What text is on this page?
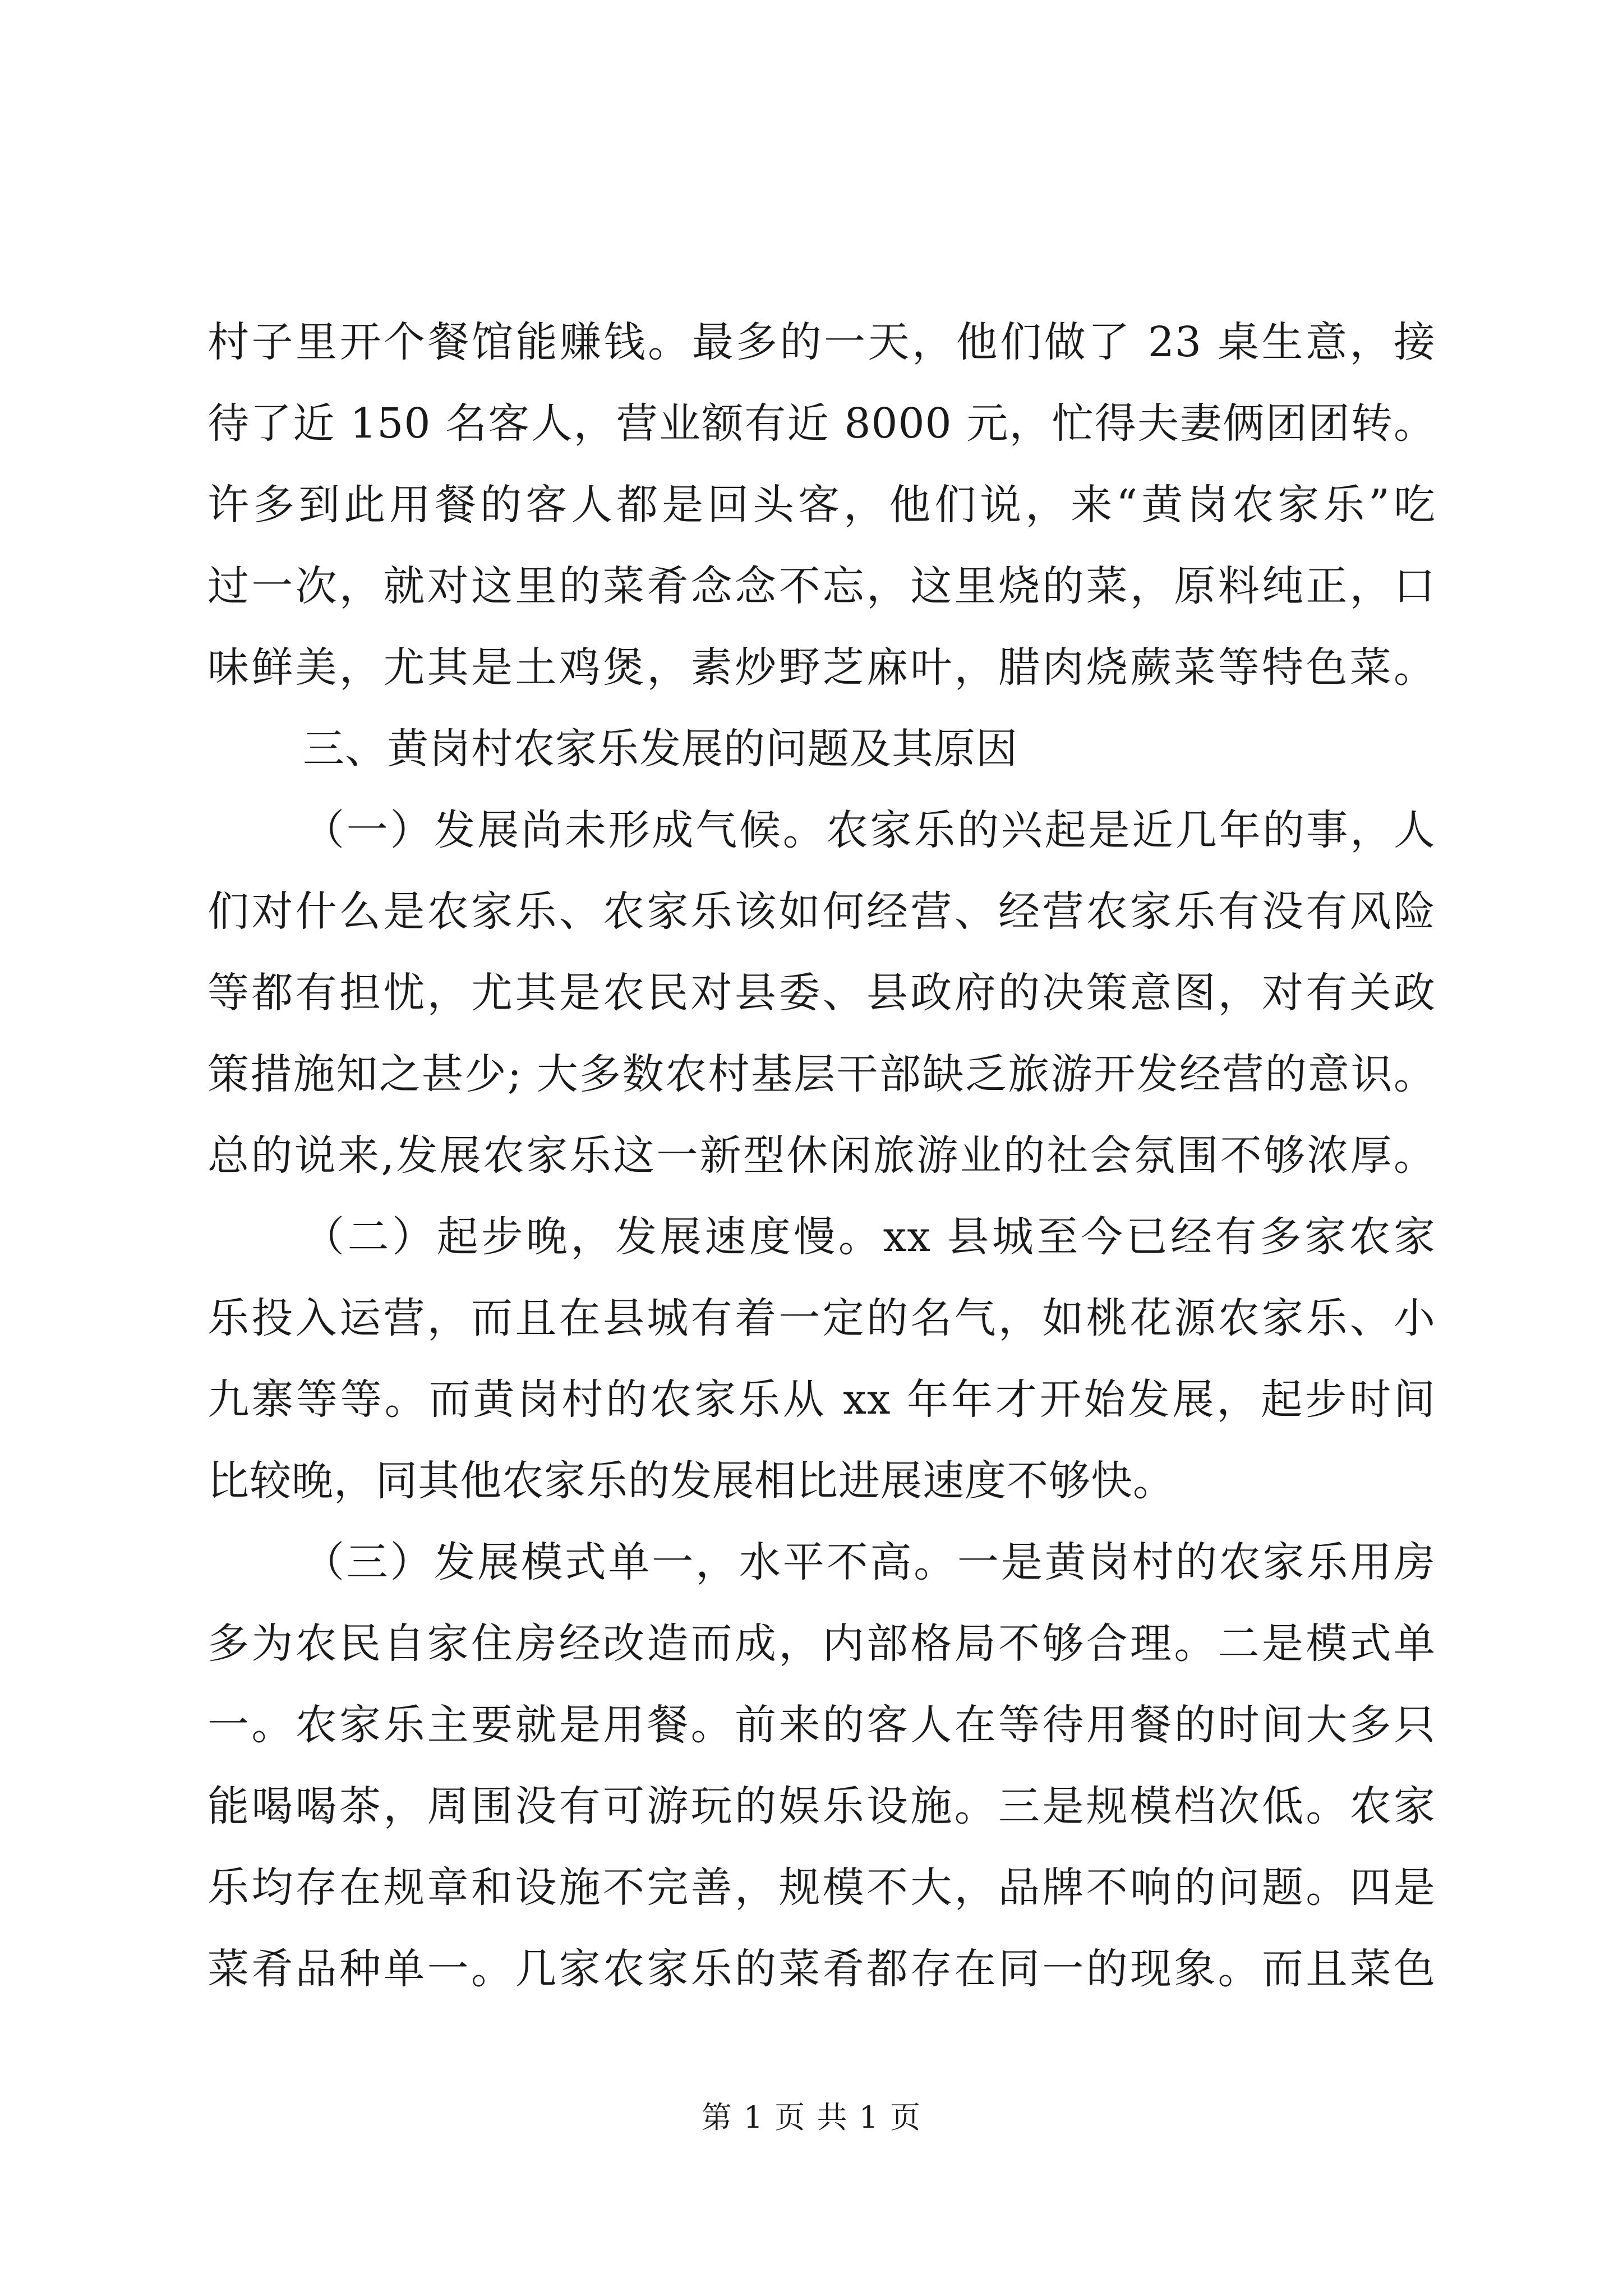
村子里开个餐馆能赚钱。最多的一天，他们做了 23 桌生意，接
待了近 150 名客人，营业额有近 8000 元，忙得夫妻俩团团转。
许多到此用餐的客人都是回头客，他们说，来“黄岗农家乐”吃
过一次，就对这里的菜肴念念不忘，这里烧的菜，原料纯正，口
味鲜美，尤其是土鸡煲，素炒野芝麻叶，腊肉烧蕨菜等特色菜。
三、黄岗村农家乐发展的问题及其原因
（一）发展尚未形成气候。农家乐的兴起是近几年的事，人
们对什么是农家乐、农家乐该如何经营、经营农家乐有没有风险
等都有担忧，尤其是农民对县委、县政府的决策意图，对有关政
策措施知之甚少; 大多数农村基层干部缺乏旅游开发经营的意识。
总的说来,发展农家乐这一新型休闲旅游业的社会氛围不够浓厚。
（二）起步晚，发展速度慢。xx 县城至今已经有多家农家
乐投入运营，而且在县城有着一定的名气，如桃花源农家乐、小
九寨等等。而黄岗村的农家乐从 xx 年年才开始发展，起步时间
比较晚，同其他农家乐的发展相比进展速度不够快。
（三）发展模式单一，水平不高。一是黄岗村的农家乐用房
多为农民自家住房经改造而成，内部格局不够合理。二是模式单
一。农家乐主要就是用餐。前来的客人在等待用餐的时间大多只
能喝喝茶，周围没有可游玩的娱乐设施。三是规模档次低。农家
乐均存在规章和设施不完善，规模不大，品牌不响的问题。四是
菜肴品种单一。几家农家乐的菜肴都存在同一的现象。而且菜色
第 1 页 共 1 页
